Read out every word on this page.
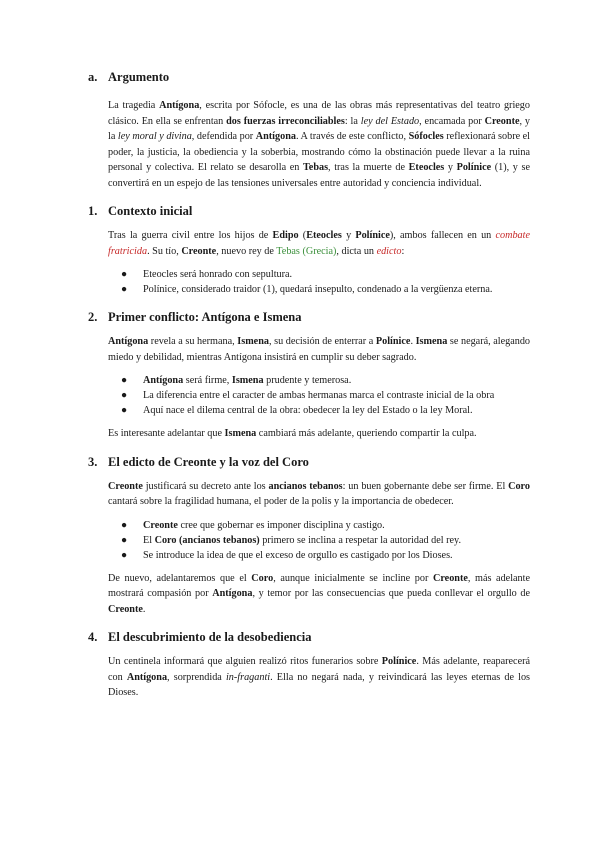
a. Argumento

La tragedia Antígona, escrita por Sófocle, es una de las obras más representativas del teatro griego clásico. En ella se enfrentan dos fuerzas irreconciliables: la ley del Estado, encamada por Creonte, y la ley moral y divina, defendida por Antígona. A través de este conflicto, Sófocles reflexionará sobre el poder, la justicia, la obediencia y la soberbia, mostrando cómo la obstinación puede llevar a la ruina personal y colectiva. El relato se desarolla en Tebas, tras la muerte de Eteocles y Polínice (1), y se convertirá en un espejo de las tensiones universales entre autoridad y conciencia individual.

1. Contexto inicial

Tras la guerra civil entre los hijos de Edipo (Eteocles y Polínice), ambos fallecen en un combate fratricida. Su tío, Creonte, nuevo rey de Tebas (Grecia), dicta un edicto:

●	Eteocles será honrado con sepultura.
●	Polínice, considerado traidor (1), quedará insepulto, condenado a la vergüenza eterna.
2. Primer conflicto: Antígona e Ismena

Antígona revela a su hermana, Ismena, su decisión de enterrar a Polínice. Ismena se negará, alegando miedo y debilidad, mientras Antígona insistirá en cumplir su deber sagrado.

●	Antígona será firme, Ismena prudente y temerosa.
●	La diferencia entre el caracter de ambas hermanas marca el contraste inicial de la obra
●	Aquí nace el dilema central de la obra: obedecer la ley del Estado o la ley Moral.

Es interesante adelantar que Ismena cambiará más adelante, queriendo compartir la culpa.

3. El edicto de Creonte y la voz del Coro

Creonte justificará su decreto ante los ancianos tebanos: un buen gobernante debe ser firme. El Coro cantará sobre la fragilidad humana, el poder de la polis y la importancia de obedecer.

●	Creonte cree que gobernar es imponer disciplina y castigo.
●	El Coro (ancianos tebanos) primero se inclina a respetar la autoridad del rey.
●	Se introduce la idea de que el exceso de orgullo es castigado por los Dioses.

De nuevo, adelantaremos que el Coro, aunque inicialmente se incline por Creonte, más adelante mostrará compasión por Antígona, y temor por las consecuencias que pueda conllevar el orgullo de Creonte.

4. El descubrimiento de la desobediencia

Un centinela informará que alguien realizó ritos funerarios sobre Polínice. Más adelante, reaparecerá con Antígona, sorprendida in-fraganti. Ella no negará nada, y reivindicará las leyes eternas de los Dioses.
